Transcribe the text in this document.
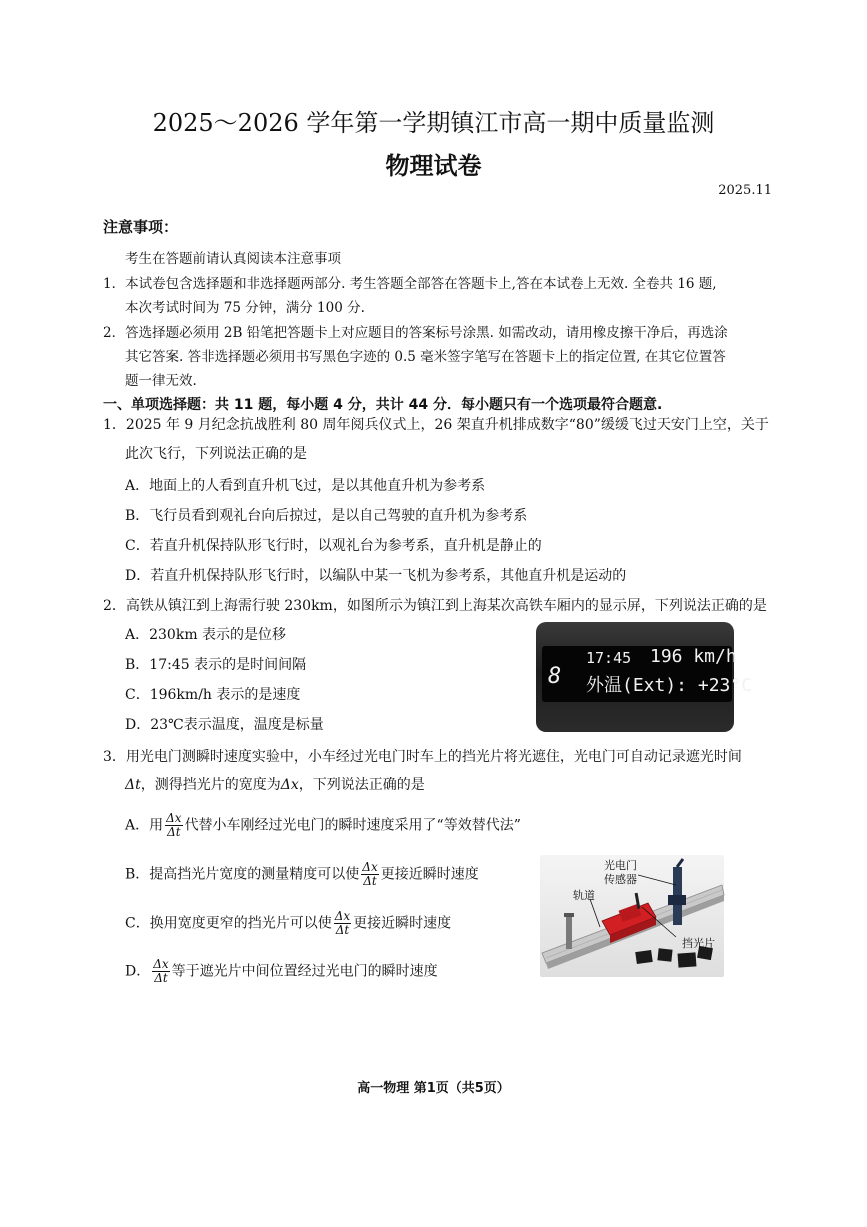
2025～2026 学年第一学期镇江市高一期中质量监测
物理试卷
2025.11
注意事项：
考生在答题前请认真阅读本注意事项
1．本试卷包含选择题和非选择题两部分. 考生答题全部答在答题卡上,答在本试卷上无效. 全卷共 16 题,
本次考试时间为 75 分钟，满分 100 分.
2．答选择题必须用 2B 铅笔把答题卡上对应题目的答案标号涂黑. 如需改动，请用橡皮擦干净后，再选涂
其它答案. 答非选择题必须用书写黑色字迹的 0.5 毫米签字笔写在答题卡上的指定位置, 在其它位置答
题一律无效.
一、单项选择题：共 11 题，每小题 4 分，共计 44 分．每小题只有一个选项最符合题意.
1．2025 年 9 月纪念抗战胜利 80 周年阅兵仪式上，26 架直升机排成数字“80”缓缓飞过天安门上空，关于
此次飞行，下列说法正确的是
A．地面上的人看到直升机飞过，是以其他直升机为参考系
B．飞行员看到观礼台向后掠过，是以自己驾驶的直升机为参考系
C．若直升机保持队形飞行时，以观礼台为参考系，直升机是静止的
D．若直升机保持队形飞行时，以编队中某一飞机为参考系，其他直升机是运动的
2．高铁从镇江到上海需行驶 230km，如图所示为镇江到上海某次高铁车厢内的显示屏，下列说法正确的是
A．230km 表示的是位移
B．17:45 表示的是时间间隔
C．196km/h 表示的是速度
D．23℃表示温度，温度是标量
17:45 196 km/h
8 外温(Ext): +23°C
3．用光电门测瞬时速度实验中，小车经过光电门时车上的挡光片将光遮住，光电门可自动记录遮光时间
Δt，测得挡光片的宽度为Δx，下列说法正确的是
A．用 $\frac{\Delta x}{\Delta t}$ 代替小车刚经过光电门的瞬时速度采用了“等效替代法”
B．提高挡光片宽度的测量精度可以使 $\frac{\Delta x}{\Delta t}$ 更接近瞬时速度
C．换用宽度更窄的挡光片可以使 $\frac{\Delta x}{\Delta t}$ 更接近瞬时速度
D． $\frac{\Delta x}{\Delta t}$ 等于遮光片中间位置经过光电门的瞬时速度
光电门
传感器
轨道
挡光片
高一物理 第1页（共5页）
